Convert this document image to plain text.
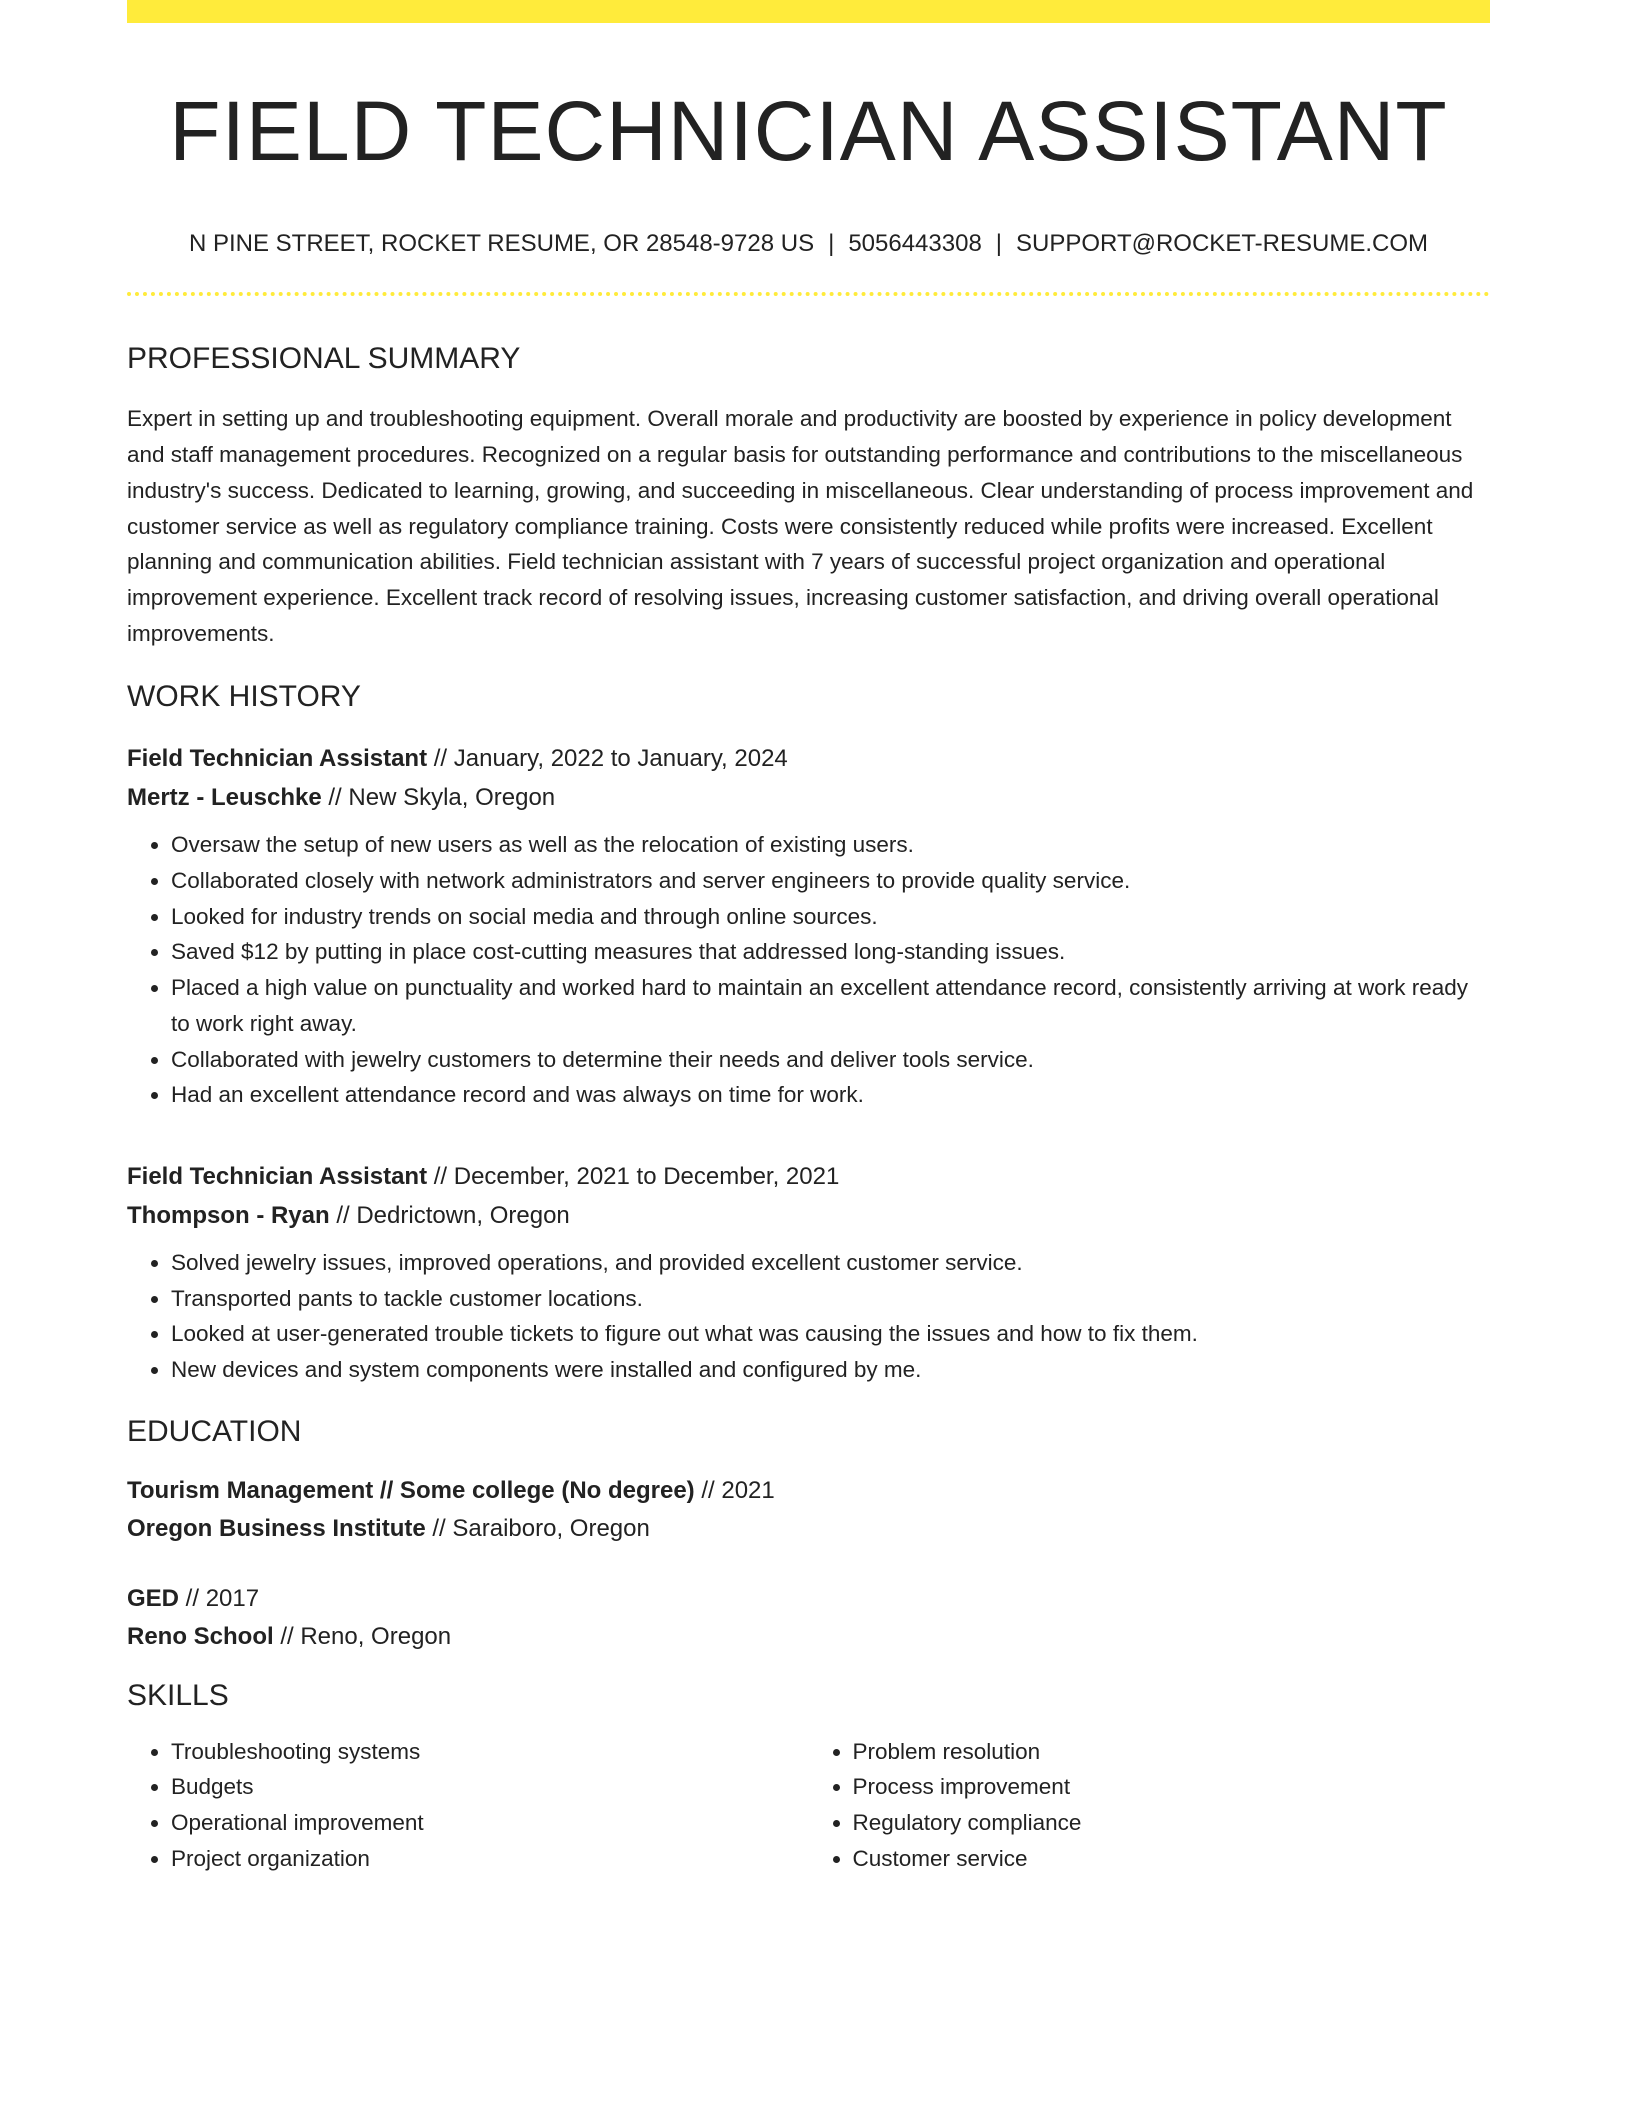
FIELD TECHNICIAN ASSISTANT
N PINE STREET, ROCKET RESUME, OR 28548-9728 US | 5056443308 | SUPPORT@ROCKET-RESUME.COM
PROFESSIONAL SUMMARY

Expert in setting up and troubleshooting equipment. Overall morale and productivity are boosted by experience in policy development and staff management procedures. Recognized on a regular basis for outstanding performance and contributions to the miscellaneous industry's success. Dedicated to learning, growing, and succeeding in miscellaneous. Clear understanding of process improvement and customer service as well as regulatory compliance training. Costs were consistently reduced while profits were increased. Excellent planning and communication abilities. Field technician assistant with 7 years of successful project organization and operational improvement experience. Excellent track record of resolving issues, increasing customer satisfaction, and driving overall operational improvements.

WORK HISTORY
Field Technician Assistant // January, 2022 to January, 2024
Mertz - Leuschke // New Skyla, Oregon
• Oversaw the setup of new users as well as the relocation of existing users.
• Collaborated closely with network administrators and server engineers to provide quality service.
• Looked for industry trends on social media and through online sources.
• Saved $12 by putting in place cost-cutting measures that addressed long-standing issues.
• Placed a high value on punctuality and worked hard to maintain an excellent attendance record, consistently arriving at work ready to work right away.
• Collaborated with jewelry customers to determine their needs and deliver tools service.
• Had an excellent attendance record and was always on time for work.
Field Technician Assistant // December, 2021 to December, 2021
Thompson - Ryan // Dedrictown, Oregon
• Solved jewelry issues, improved operations, and provided excellent customer service.
• Transported pants to tackle customer locations.
• Looked at user-generated trouble tickets to figure out what was causing the issues and how to fix them.
• New devices and system components were installed and configured by me.
EDUCATION
Tourism Management // Some college (No degree) // 2021
Oregon Business Institute // Saraiboro, Oregon
GED // 2017
Reno School // Reno, Oregon
SKILLS
• Troubleshooting systems
• Budgets
• Operational improvement
• Project organization
• Problem resolution
• Process improvement
• Regulatory compliance
• Customer service
